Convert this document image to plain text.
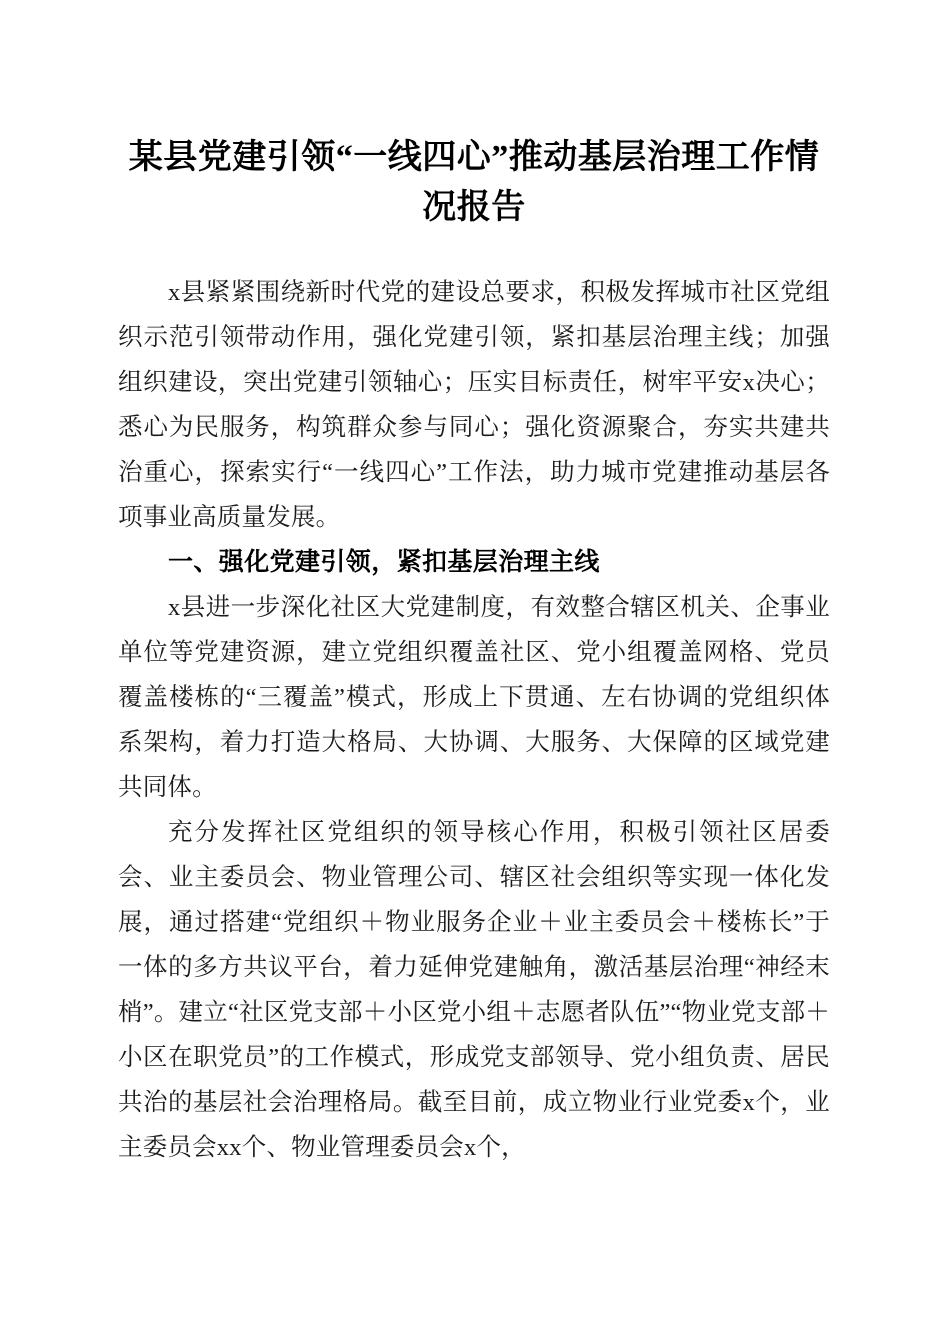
某县党建引领“一线四心”推动基层治理工作情况报告

x县紧紧围绕新时代党的建设总要求，积极发挥城市社区党组织示范引领带动作用，强化党建引领，紧扣基层治理主线；加强组织建设，突出党建引领轴心；压实目标责任，树牢平安x决心；悉心为民服务，构筑群众参与同心；强化资源聚合，夯实共建共治重心，探索实行“一线四心”工作法，助力城市党建推动基层各项事业高质量发展。

一、强化党建引领，紧扣基层治理主线

x县进一步深化社区大党建制度，有效整合辖区机关、企事业单位等党建资源，建立党组织覆盖社区、党小组覆盖网格、党员覆盖楼栋的“三覆盖”模式，形成上下贯通、左右协调的党组织体系架构，着力打造大格局、大协调、大服务、大保障的区域党建共同体。

充分发挥社区党组织的领导核心作用，积极引领社区居委会、业主委员会、物业管理公司、辖区社会组织等实现一体化发展，通过搭建“党组织＋物业服务企业＋业主委员会＋楼栋长”于一体的多方共议平台，着力延伸党建触角，激活基层治理“神经末梢”。建立“社区党支部＋小区党小组＋志愿者队伍”“物业党支部＋小区在职党员”的工作模式，形成党支部领导、党小组负责、居民共治的基层社会治理格局。截至目前，成立物业行业党委x个，业主委员会xx个、物业管理委员会x个，
